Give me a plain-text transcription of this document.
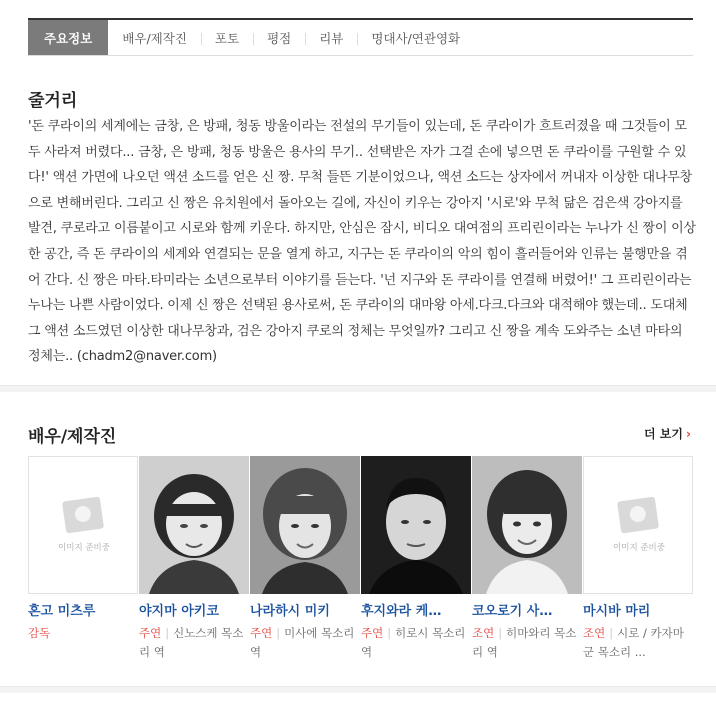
주요정보 배우/제작진 포토 평점 리뷰 명대사/연관영화
줄거리
'돈 쿠라이의 세계에는 금창, 은 방패, 청동 방울이라는 전설의 무기들이 있는데, 돈 쿠라이가 흐트러졌을 때 그것들이 모두 사라져 버렸다... 금창, 은 방패, 청동 방울은 용사의 무기.. 선택받은 자가 그걸 손에 넣으면 돈 쿠라이를 구원할 수 있다!' 액션 가면에 나오던 액션 소드를 얻은 신 짱. 무척 들뜬 기분이었으나, 액션 소드는 상자에서 꺼내자 이상한 대나무창으로 변해버린다. 그리고 신 짱은 유치원에서 돌아오는 길에, 자신이 키우는 강아지 '시로'와 무척 닮은 검은색 강아지를 발견, 쿠로라고 이름붙이고 시로와 함께 키운다. 하지만, 안심은 잠시, 비디오 대여점의 프리린이라는 누나가 신 짱이 이상한 공간, 즉 돈 쿠라이의 세계와 연결되는 문을 열게 하고, 지구는 돈 쿠라이의 악의 힘이 흘러들어와 인류는 불행만을 겪어 간다. 신 짱은 마타.타미라는 소년으로부터 이야기를 듣는다. '넌 지구와 돈 쿠라이를 연결해 버렸어!' 그 프리린이라는 누나는 나쁜 사람이었다. 이제 신 짱은 선택된 용사로써, 돈 쿠라이의 대마왕 아세.다크.다크와 대적해야 했는데.. 도대체 그 액션 소드였던 이상한 대나무창과, 검은 강아지 쿠로의 정체는 무엇일까? 그리고 신 짱을 계속 도와주는 소년 마타의 정체는.. (chadm2@naver.com)
배우/제작진	더 보기 ›
이미지 준비중
혼고 미츠루
감독
야지마 아키코
주연 | 신노스케 목소리 역
나라하시 미키
주연 | 미사에 목소리 역
후지와라 케…
주연 | 히로시 목소리 역
코오로기 사…
조연 | 히마와리 목소리 역
이미지 준비중
마시바 마리
조연 | 시로 / 카자마군 목소리 ...
